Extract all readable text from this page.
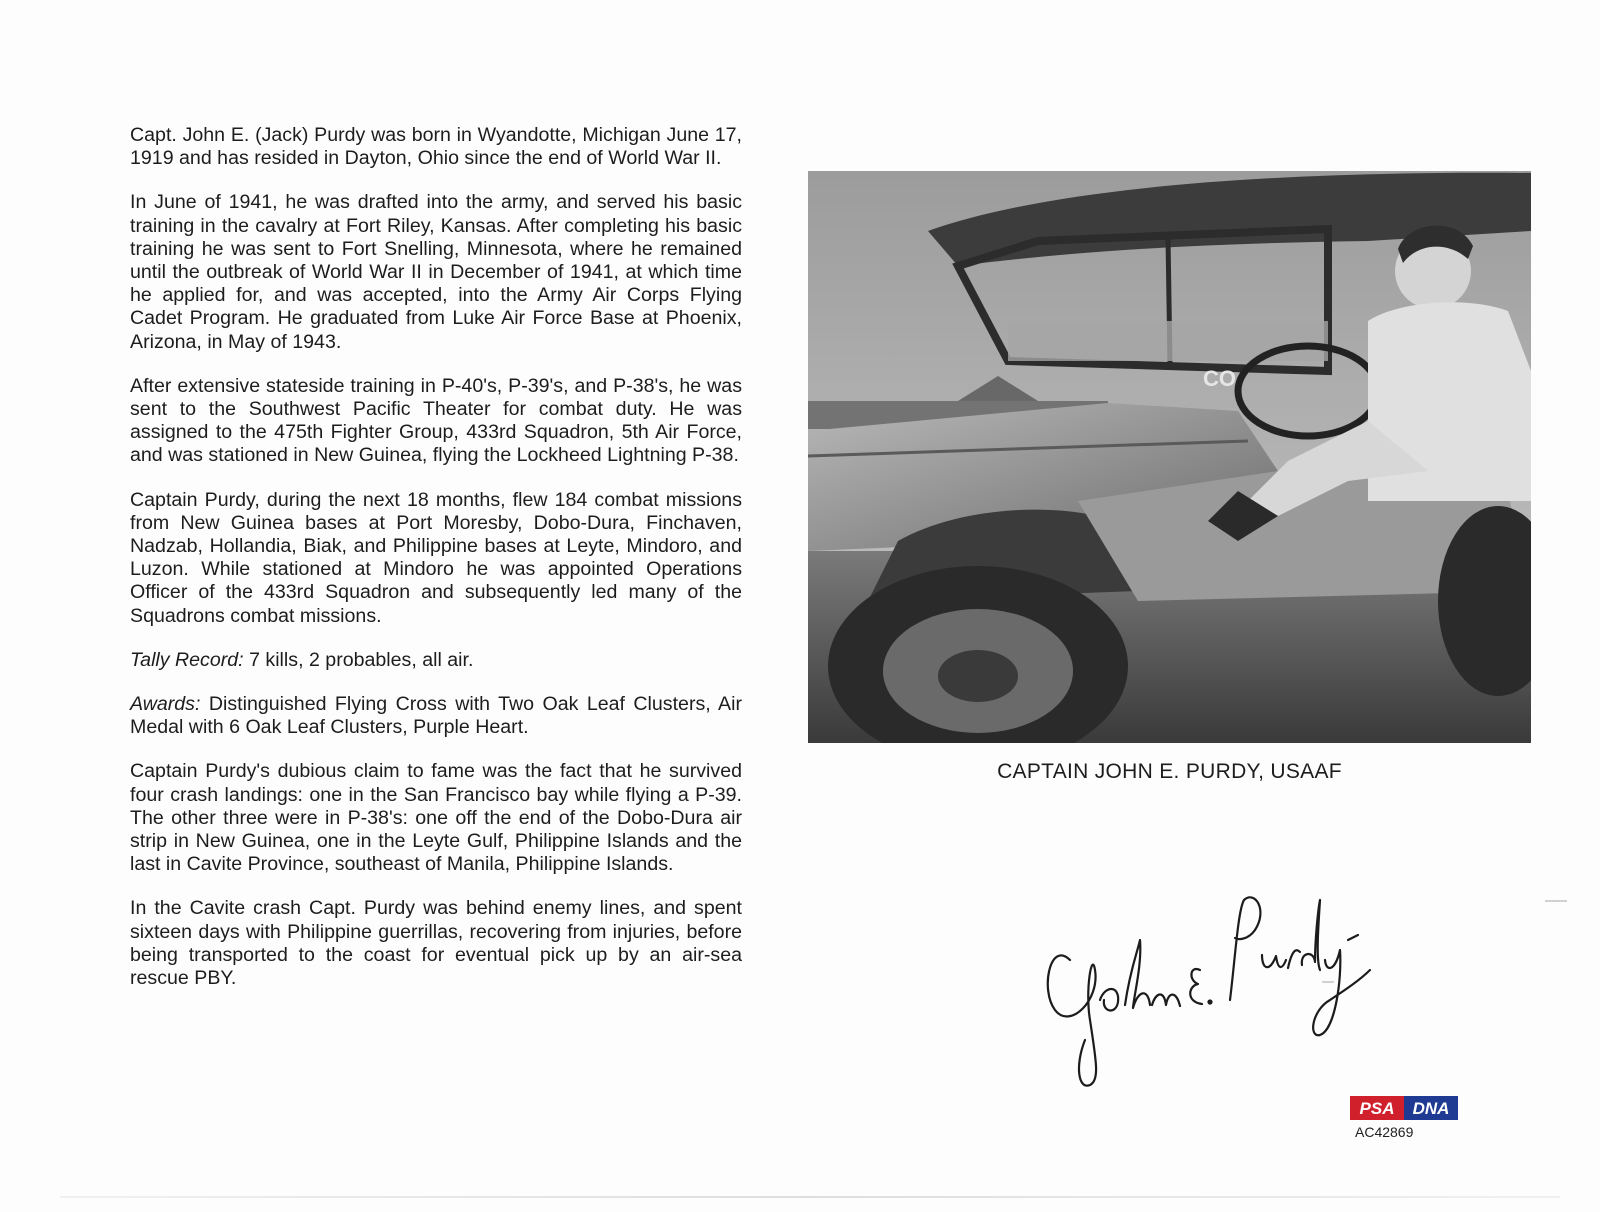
Capt. John E. (Jack) Purdy was born in Wyandotte, Michigan June 17, 1919 and has resided in Dayton, Ohio since the end of World War II.

In June of 1941, he was drafted into the army, and served his basic training in the cavalry at Fort Riley, Kansas. After completing his basic training he was sent to Fort Snelling, Minnesota, where he remained until the outbreak of World War II in December of 1941, at which time he applied for, and was accepted, into the Army Air Corps Flying Cadet Program. He graduated from Luke Air Force Base at Phoenix, Arizona, in May of 1943.

After extensive stateside training in P-40's, P-39's, and P-38's, he was sent to the Southwest Pacific Theater for combat duty. He was assigned to the 475th Fighter Group, 433rd Squadron, 5th Air Force, and was stationed in New Guinea, flying the Lockheed Lightning P-38.

Captain Purdy, during the next 18 months, flew 184 combat missions from New Guinea bases at Port Moresby, Dobo-Dura, Finchaven, Nadzab, Hollandia, Biak, and Philippine bases at Leyte, Mindoro, and Luzon. While stationed at Mindoro he was appointed Operations Officer of the 433rd Squadron and subsequently led many of the Squadrons combat missions.

Tally Record: 7 kills, 2 probables, all air.

Awards: Distinguished Flying Cross with Two Oak Leaf Clusters, Air Medal with 6 Oak Leaf Clusters, Purple Heart.

Captain Purdy's dubious claim to fame was the fact that he survived four crash landings: one in the San Francisco bay while flying a P-39. The other three were in P-38's: one off the end of the Dobo-Dura air strip in New Guinea, one in the Leyte Gulf, Philippine Islands and the last in Cavite Province, southeast of Manila, Philippine Islands.

In the Cavite crash Capt. Purdy was behind enemy lines, and spent sixteen days with Philippine guerrillas, recovering from injuries, before being transported to the coast for eventual pick up by an air-sea rescue PBY.

CO
CAPTAIN JOHN E. PURDY, USAAF
PSA DNA
AC42869
